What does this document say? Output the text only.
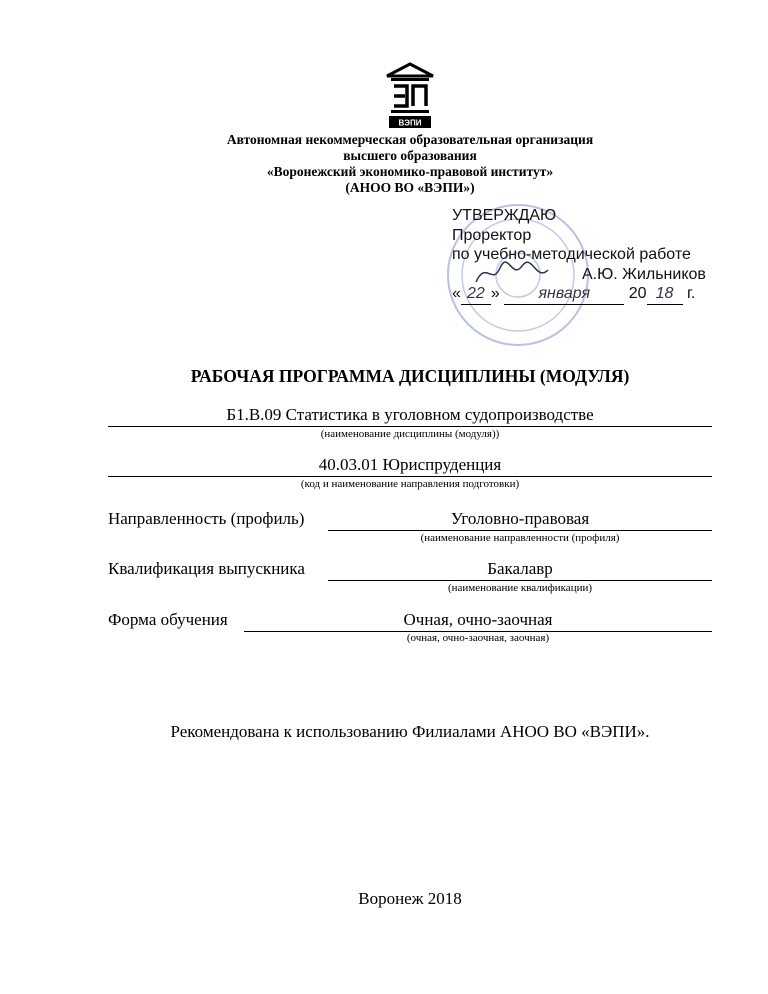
ВЭПИ
Автономная некоммерческая образовательная организация
высшего образования
«Воронежский экономико-правовой институт»
(АНОО ВО «ВЭПИ»)
УТВЕРЖДАЮ
Проректор
по учебно-методической работе
А.Ю. Жильников
« 22 » января 20 18 г.
РАБОЧАЯ ПРОГРАММА ДИСЦИПЛИНЫ (МОДУЛЯ)
Б1.В.09 Статистика в уголовном судопроизводстве
(наименование дисциплины (модуля))
40.03.01 Юриспруденция
(код и наименование направления подготовки)
Направленность (профиль)	Уголовно-правовая
(наименование направленности (профиля)
Квалификация выпускника	Бакалавр
(наименование квалификации)
Форма обучения	Очная, очно-заочная
(очная, очно-заочная, заочная)
Рекомендована к использованию Филиалами АНОО ВО «ВЭПИ».
Воронеж 2018
